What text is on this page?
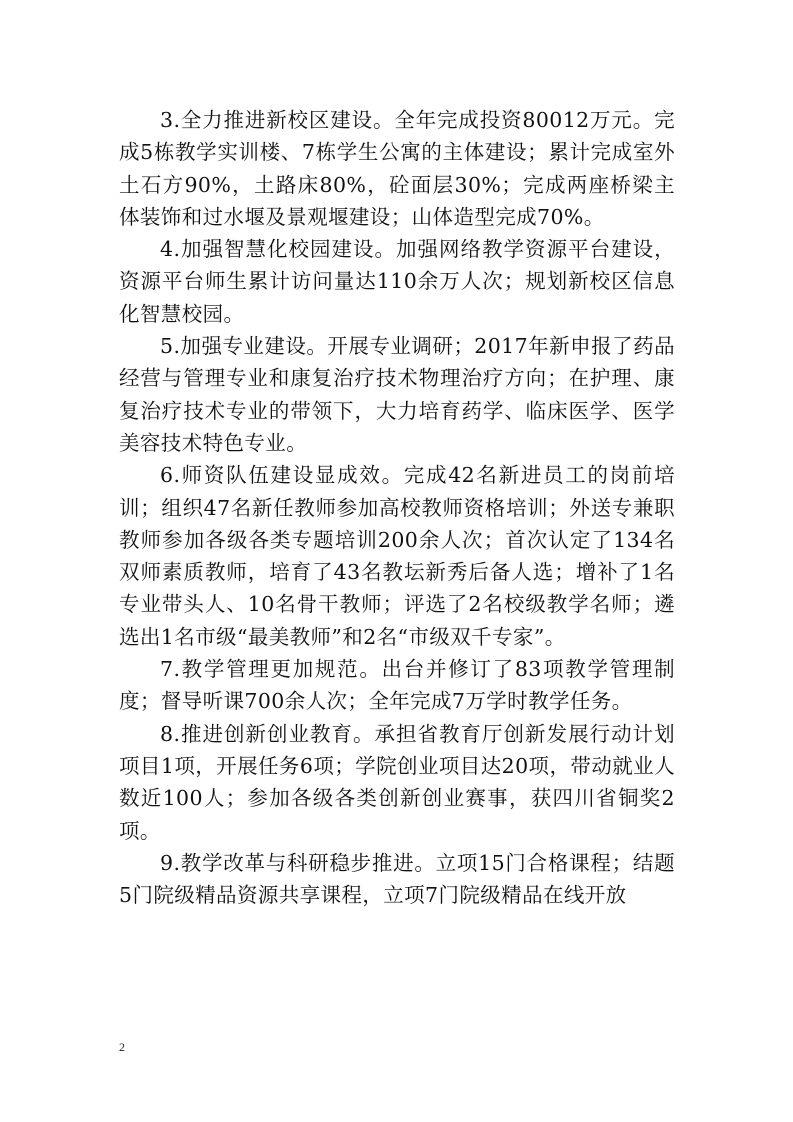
3.全力推进新校区建设。全年完成投资80012万元。完成5栋教学实训楼、7栋学生公寓的主体建设；累计完成室外土石方90%，土路床80%，砼面层30%；完成两座桥梁主体装饰和过水堰及景观堰建设；山体造型完成70%。

4.加强智慧化校园建设。加强网络教学资源平台建设，资源平台师生累计访问量达110余万人次；规划新校区信息化智慧校园。

5.加强专业建设。开展专业调研；2017年新申报了药品经营与管理专业和康复治疗技术物理治疗方向；在护理、康复治疗技术专业的带领下，大力培育药学、临床医学、医学美容技术特色专业。

6.师资队伍建设显成效。完成42名新进员工的岗前培训；组织47名新任教师参加高校教师资格培训；外送专兼职教师参加各级各类专题培训200余人次；首次认定了134名双师素质教师，培育了43名教坛新秀后备人选；增补了1名专业带头人、10名骨干教师；评选了2名校级教学名师；遴选出1名市级“最美教师”和2名“市级双千专家”。

7.教学管理更加规范。出台并修订了83项教学管理制度；督导听课700余人次；全年完成7万学时教学任务。

8.推进创新创业教育。承担省教育厅创新发展行动计划项目1项，开展任务6项；学院创业项目达20项，带动就业人数近100人；参加各级各类创新创业赛事，获四川省铜奖2项。

9.教学改革与科研稳步推进。立项15门合格课程；结题5门院级精品资源共享课程，立项7门院级精品在线开放

2
